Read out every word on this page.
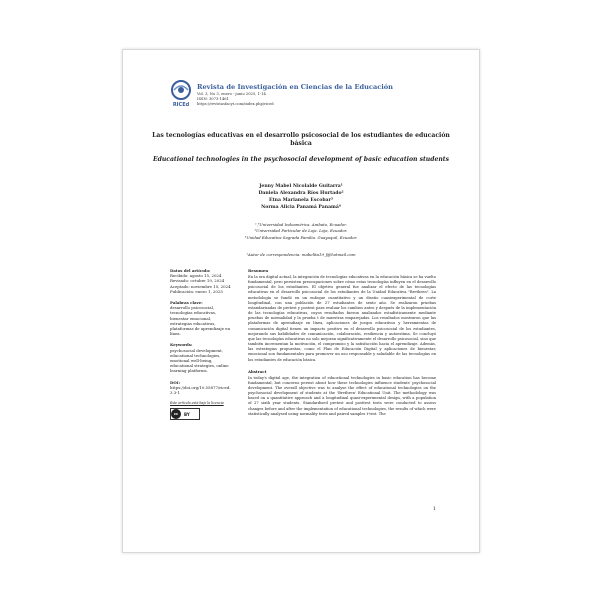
RICEd
Revista de Investigación en Ciencias de la Educación
Vol. 3, No 3, enero - junio 2025, 1-14
ISSN: 3073-1461
https://revistasfacyt.com/index.php/riced
Las tecnologías educativas en el desarrollo psicosocial de los estudiantes de educación básica
Educational technologies in the psychosocial development of basic education students
Jenny Mabel Nicolalde Guitarra¹
Daniela Alexandra Ríos Hurtado²
Etna Marianela Escobar³
Norma Alicia Panamá Panamá⁴
¹,⁴Universidad Indoamérica. Ambato, Ecuador.
²Universidad Particular de Loja. Loja, Ecuador.
³Unidad Educativa Sagrada Familia. Guayaquil, Ecuador.
¹Autor de correspondencia: mabelita19_f@hotmail.com
Datos del artículo:
Recibido: agosto 15, 2024
Revisado: octubre 19, 2024
Aceptado: noviembre 15, 2024
Publicación: enero 1, 2025
Palabras clave:
desarrollo psicosocial, tecnologías educativas, bienestar emocional, estrategias educativas, plataformas de aprendizaje en línea.
Keywords:
psychosocial development, educational technologies, emotional well-being, educational strategies, online learning platforms.
DOI:
https://doi.org/10.55877/riced.3.3-1
Este artículo está bajo la licencia
cc	BY
Resumen

En la era digital actual, la integración de tecnologías educativas en la educación básica se ha vuelto fundamental, pero persisten preocupaciones sobre cómo estas tecnologías influyen en el desarrollo psicosocial de los estudiantes. El objetivo general fue analizar el efecto de las tecnologías educativas en el desarrollo psicosocial de los estudiantes de la Unidad Educativa "Brethren". La metodología se fundó en un enfoque cuantitativo y un diseño cuasiexperimental de corte longitudinal, con una población de 27 estudiantes de sexto año. Se realizaron pruebas estandarizadas de pretest y postest para evaluar los cambios antes y después de la implementación de las tecnologías educativas, cuyos resultados fueron analizados estadísticamente mediante pruebas de normalidad y la prueba t de muestras emparejadas. Los resultados mostraron que las plataformas de aprendizaje en línea, aplicaciones de juegos educativos y herramientas de comunicación digital tienen un impacto positivo en el desarrollo psicosocial de los estudiantes, mejorando sus habilidades de comunicación, colaboración, resiliencia y autoestima. Se concluyó que las tecnologías educativas no solo mejoran significativamente el desarrollo psicosocial, sino que también incrementan la motivación, el compromiso y la satisfacción hacia el aprendizaje. Además, las estrategias propuestas, como el Plan de Educación Digital y aplicaciones de bienestar, emocional son fundamentales para promover un uso responsable y saludable de las tecnologías en los estudiantes de educación básica.

Abstract

In today's digital age, the integration of educational technologies in basic education has become fundamental, but concerns persist about how these technologies influence students' psychosocial development. The overall objective was to analyse the effect of educational technologies on the psychosocial development of students at the 'Brethren' Educational Unit. The methodology was based on a quantitative approach and a longitudinal quasi-experimental design, with a population of 27 sixth year students. Standardised pretest and posttest tests were conducted to assess changes before and after the implementation of educational technologies, the results of which were statistically analysed using normality tests and paired samples t-test. The

1
